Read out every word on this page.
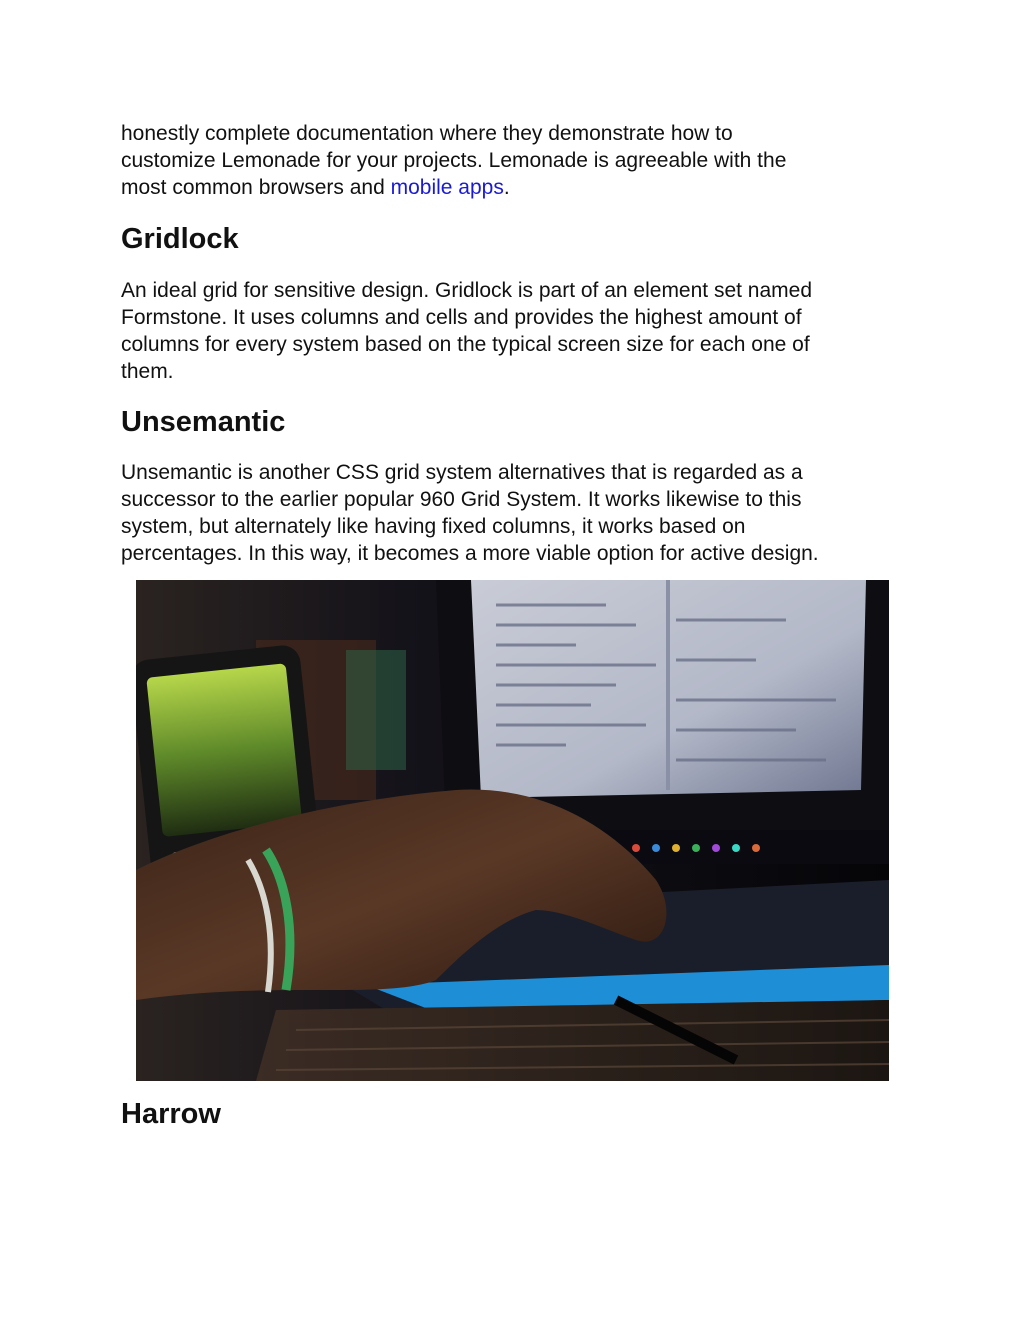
honestly complete documentation where they demonstrate how to
customize Lemonade for your projects. Lemonade is agreeable with the
most common browsers and mobile apps.

Gridlock

An ideal grid for sensitive design. Gridlock is part of an element set named
Formstone. It uses columns and cells and provides the highest amount of
columns for every system based on the typical screen size for each one of
them.

Unsemantic

Unsemantic is another CSS grid system alternatives that is regarded as a
successor to the earlier popular 960 Grid System. It works likewise to this
system, but alternately like having fixed columns, it works based on
percentages. In this way, it becomes a more viable option for active design.

Harrow
